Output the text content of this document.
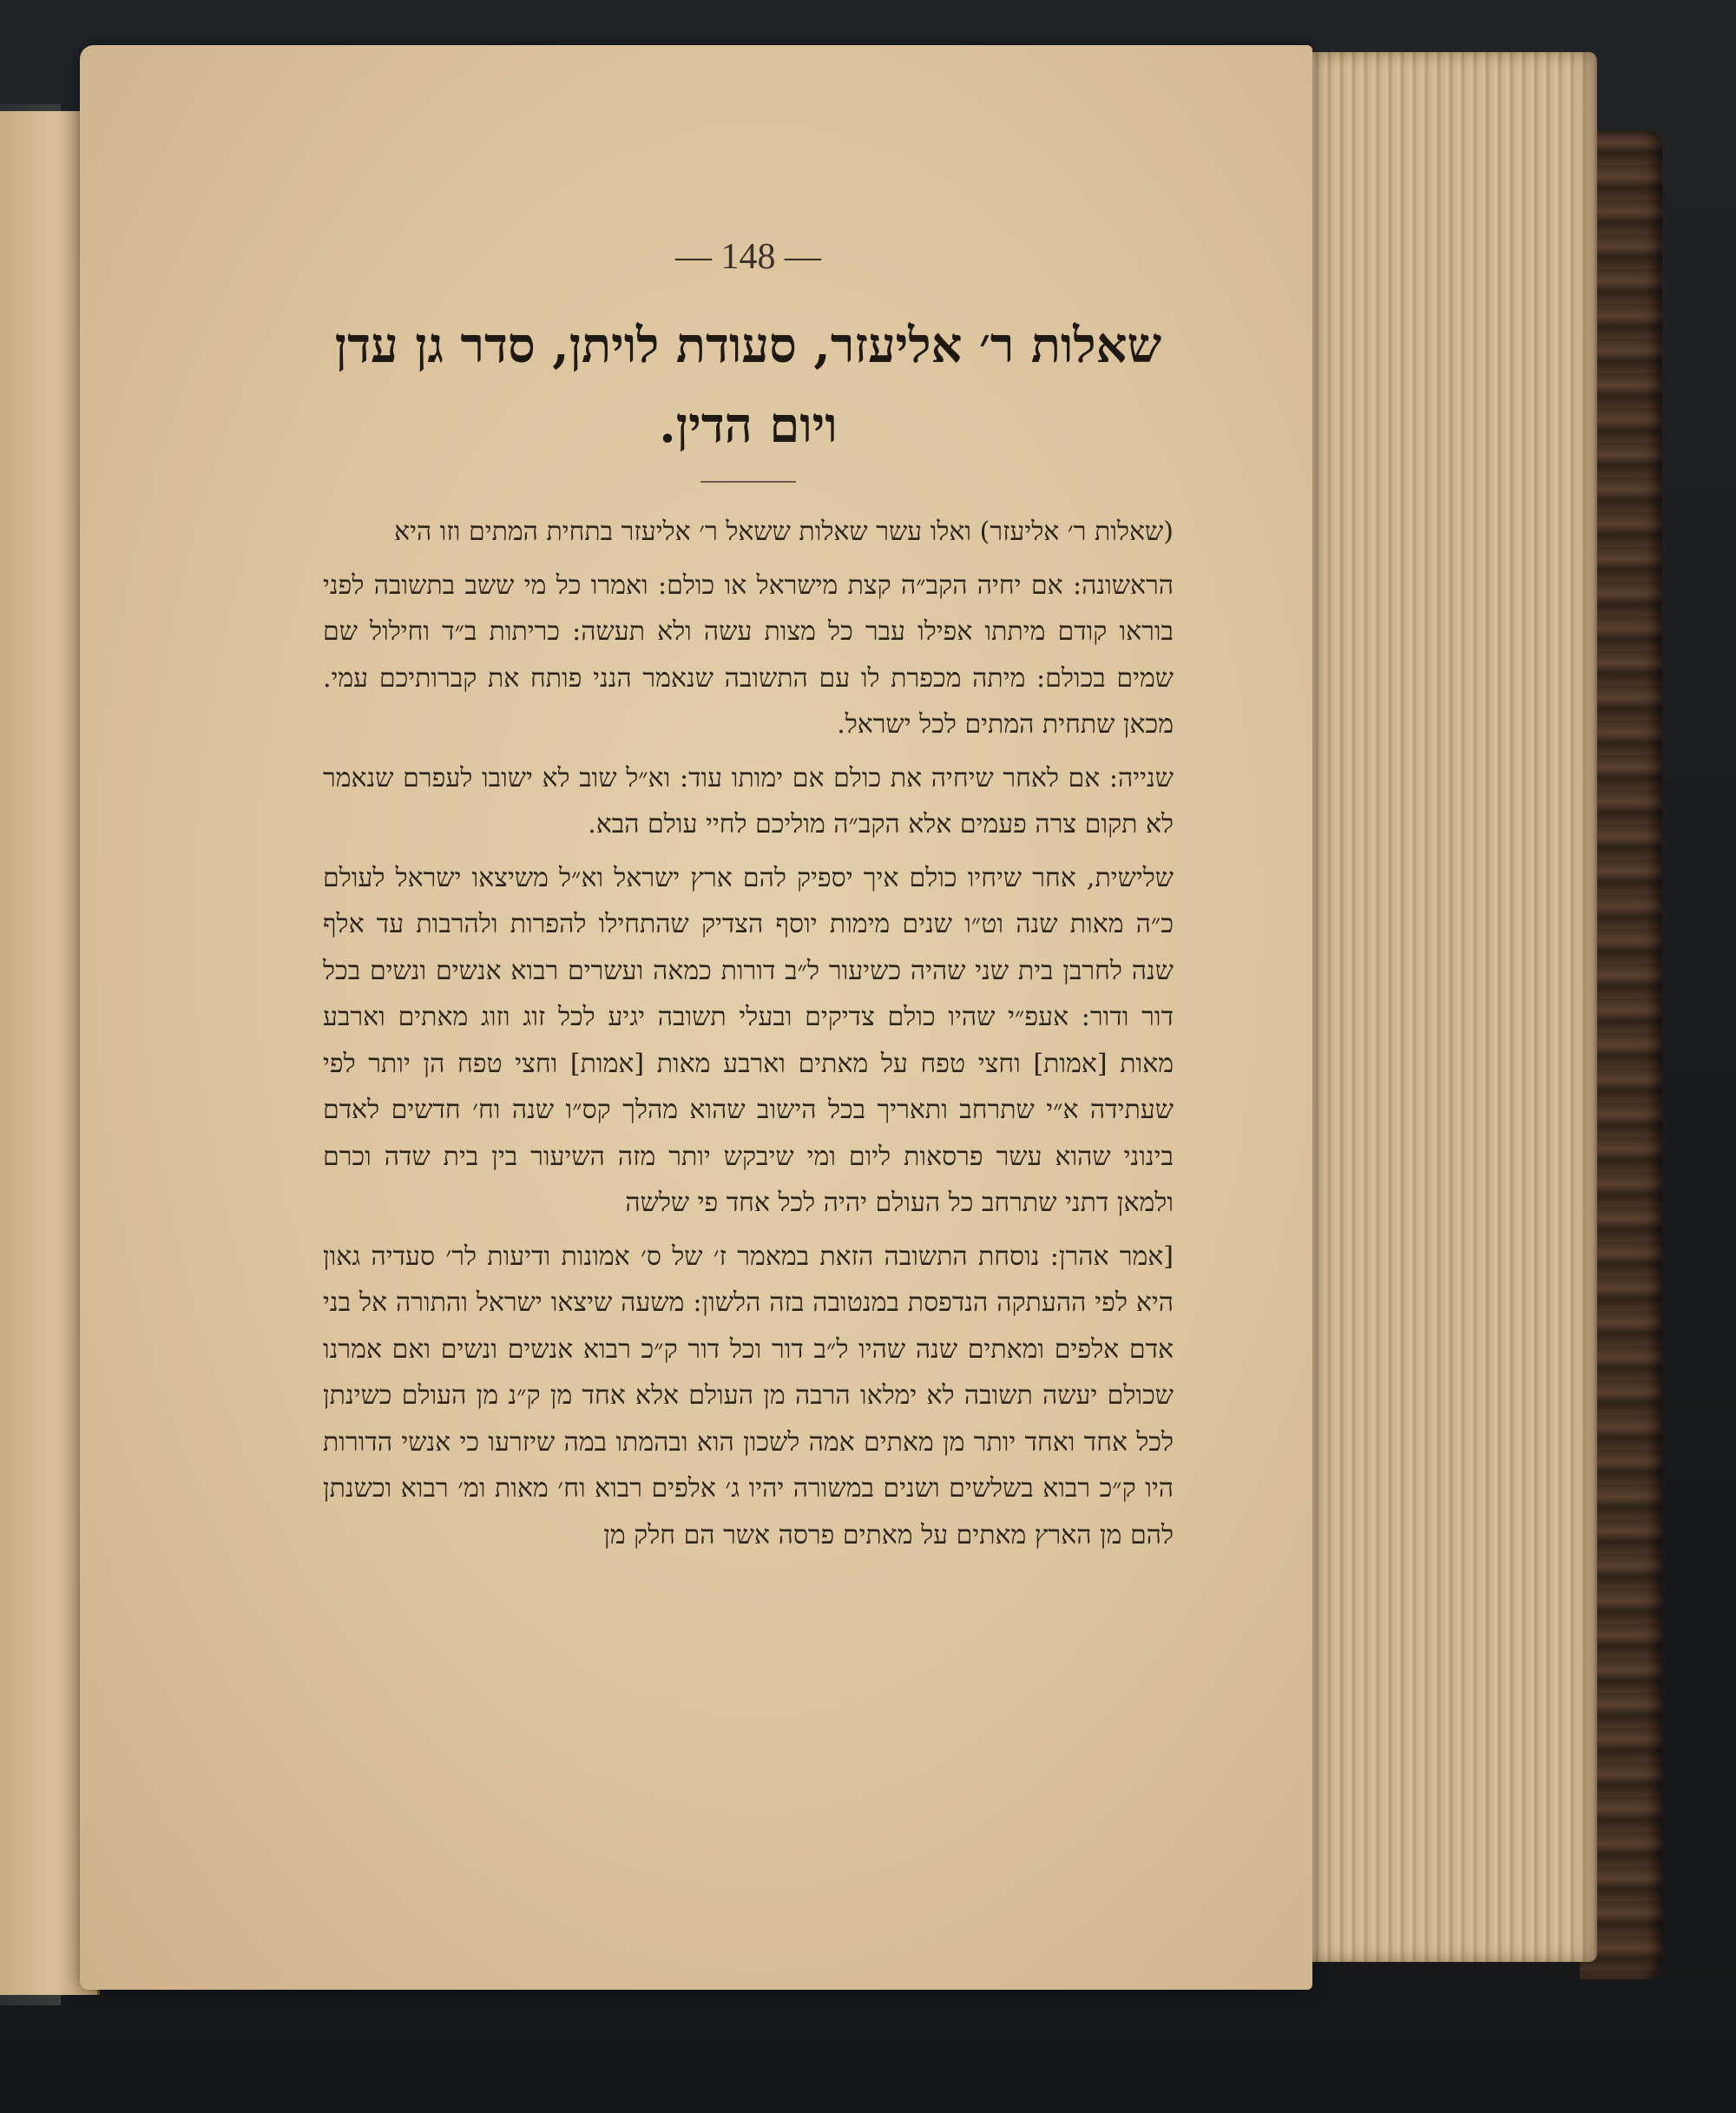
— 148 —
שאלות ר׳ אליעזר, סעודת לויתן, סדר גן עדן ויום הדין.

(שאלות ר׳ אליעזר) ואלו עשר שאלות ששאל ר׳ אליעזר בתחית המתים וזו היא

הראשונה: אם יחיה הקב״ה קצת מישראל או כולם: ואמרו כל מי ששב בתשובה לפני בוראו קודם מיתתו אפילו עבר כל מצות עשה ולא תעשה: כריתות ב״ד וחילול שם שמים בכולם: מיתה מכפרת לו עם התשובה שנאמר הנני פותח את קברותיכם עמי. מכאן שתחית המתים לכל ישראל.

שנייה: אם לאחר שיחיה את כולם אם ימותו עוד: וא״ל שוב לא ישובו לעפרם שנאמר לא תקום צרה פעמים אלא הקב״ה מוליכם לחיי עולם הבא.

שלישית, אחר שיחיו כולם איך יספיק להם ארץ ישראל וא״ל משיצאו ישראל לעולם כ״ה מאות שנה וט״ו שנים מימות יוסף הצדיק שהתחילו להפרות ולהרבות עד אלף שנה לחרבן בית שני שהיה כשיעור ל״ב דורות כמאה ועשרים רבוא אנשים ונשים בכל דור ודור: אעפ״י שהיו כולם צדיקים ובעלי תשובה יגיע לכל זוג וזוג מאתים וארבע מאות [אמות] וחצי טפח על מאתים וארבע מאות [אמות] וחצי טפח הן יותר לפי שעתידה א״י שתרחב ותאריך בכל הישוב שהוא מהלך קס״ו שנה וח׳ חדשים לאדם בינוני שהוא עשר פרסאות ליום ומי שיבקש יותר מזה השיעור בין בית שדה וכרם ולמאן דתני שתרחב כל העולם יהיה לכל אחד פי שלשה

[אמר אהרן: נוסחת התשובה הזאת במאמר ז׳ של ס׳ אמונות ודיעות לר׳ סעדיה גאון היא לפי ההעתקה הנדפסת במנטובה בזה הלשון: משעה שיצאו ישראל והתורה אל בני אדם אלפים ומאתים שנה שהיו ל״ב דור וכל דור ק״כ רבוא אנשים ונשים ואם אמרנו שכולם יעשה תשובה לא ימלאו הרבה מן העולם אלא אחד מן ק״נ מן העולם כשינתן לכל אחד ואחד יותר מן מאתים אמה לשכון הוא ובהמתו במה שיזרעו כי אנשי הדורות היו ק״כ רבוא בשלשים ושנים במשורה יהיו ג׳ אלפים רבוא וח׳ מאות ומ׳ רבוא וכשנתן להם מן הארץ מאתים על מאתים פרסה אשר הם חלק מן
